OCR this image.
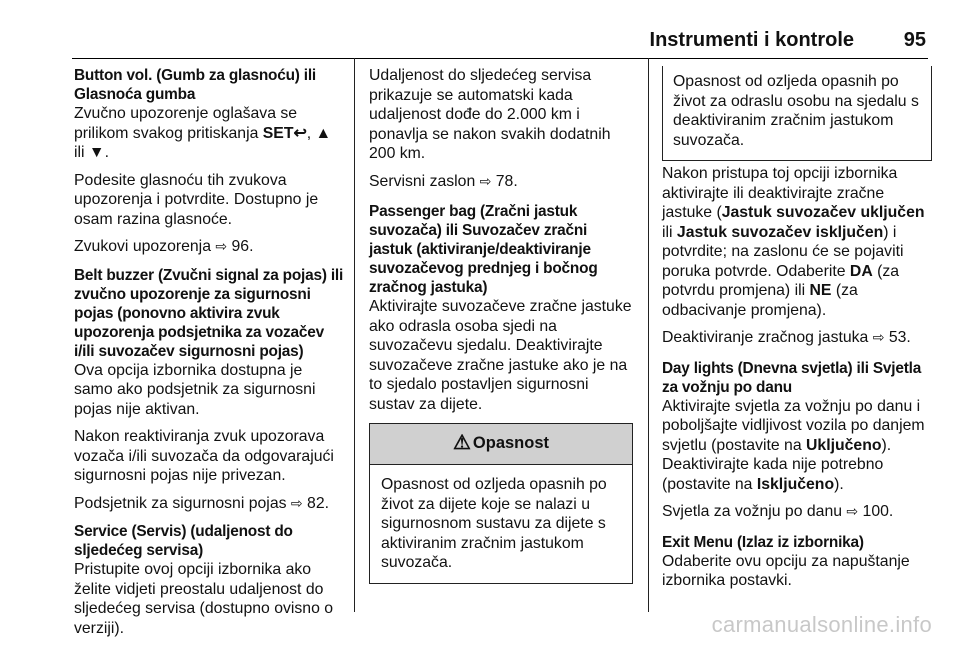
Instrumenti i kontrole 95
Button vol. (Gumb za glasnoću) ili Glasnoća gumba

Zvučno upozorenje oglašava se prilikom svakog pritiskanja SET↩, ▲ ili ▼.

Podesite glasnoću tih zvukova upozorenja i potvrdite. Dostupno je osam razina glasnoće.

Zvukovi upozorenja ⇨ 96.

Belt buzzer (Zvučni signal za pojas) ili zvučno upozorenje za sigurnosni pojas (ponovno aktivira zvuk upozorenja podsjetnika za vozačev i/ili suvozačev sigurnosni pojas)

Ova opcija izbornika dostupna je samo ako podsjetnik za sigurnosni pojas nije aktivan.

Nakon reaktiviranja zvuk upozorava vozača i/ili suvozača da odgovarajući sigurnosni pojas nije privezan.

Podsjetnik za sigurnosni pojas ⇨ 82.

Service (Servis) (udaljenost do sljedećeg servisa)

Pristupite ovoj opciji izbornika ako želite vidjeti preostalu udaljenost do sljedećeg servisa (dostupno ovisno o verziji).

Udaljenost do sljedećeg servisa prikazuje se automatski kada udaljenost dođe do 2.000 km i ponavlja se nakon svakih dodatnih 200 km.

Servisni zaslon ⇨ 78.

Passenger bag (Zračni jastuk suvozača) ili Suvozačev zračni jastuk (aktiviranje/deaktiviranje suvozačevog prednjeg i bočnog zračnog jastuka)

Aktivirajte suvozačeve zračne jastuke ako odrasla osoba sjedi na suvozačevu sjedalu. Deaktivirajte suvozačeve zračne jastuke ako je na to sjedalo postavljen sigurnosni sustav za dijete.

⚠ Opasnost
Opasnost od ozljeda opasnih po život za dijete koje se nalazi u sigurnosnom sustavu za dijete s aktiviranim zračnim jastukom suvozača.
Opasnost od ozljeda opasnih po život za odraslu osobu na sjedalu s deaktiviranim zračnim jastukom suvozača.

Nakon pristupa toj opciji izbornika aktivirajte ili deaktivirajte zračne jastuke (Jastuk suvozačev uključen ili Jastuk suvozačev isključen) i potvrdite; na zaslonu će se pojaviti poruka potvrde. Odaberite DA (za potvrdu promjena) ili NE (za odbacivanje promjena).

Deaktiviranje zračnog jastuka ⇨ 53.

Day lights (Dnevna svjetla) ili Svjetla za vožnju po danu

Aktivirajte svjetla za vožnju po danu i poboljšajte vidljivost vozila po danjem svjetlu (postavite na Uključeno). Deaktivirajte kada nije potrebno (postavite na Isključeno).

Svjetla za vožnju po danu ⇨ 100.

Exit Menu (Izlaz iz izbornika)

Odaberite ovu opciju za napuštanje izbornika postavki.

carmanualsonline.info
